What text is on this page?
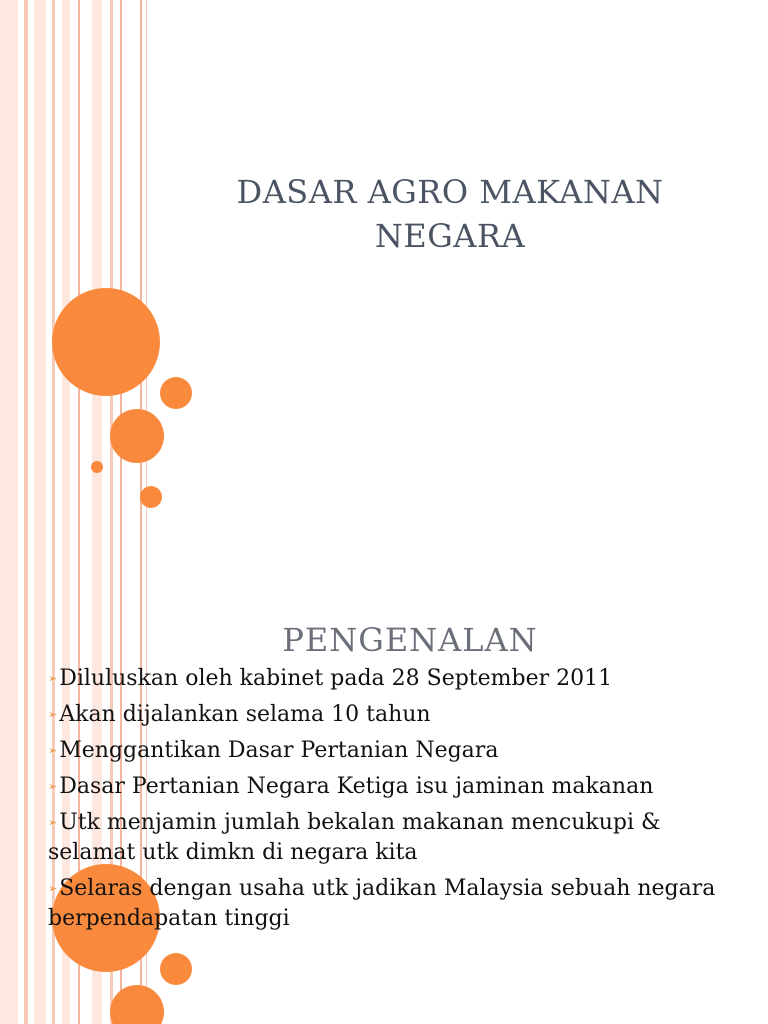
DASAR AGRO MAKANAN NEGARA
PENGENALAN
➢Diluluskan oleh kabinet pada 28 September 2011
➢Akan dijalankan selama 10 tahun
➢Menggantikan Dasar Pertanian Negara
➢Dasar Pertanian Negara Ketiga isu jaminan makanan
➢Utk menjamin jumlah bekalan makanan mencukupi & selamat utk dimkn di negara kita
➢Selaras dengan usaha utk jadikan Malaysia sebuah negara berpendapatan tinggi
